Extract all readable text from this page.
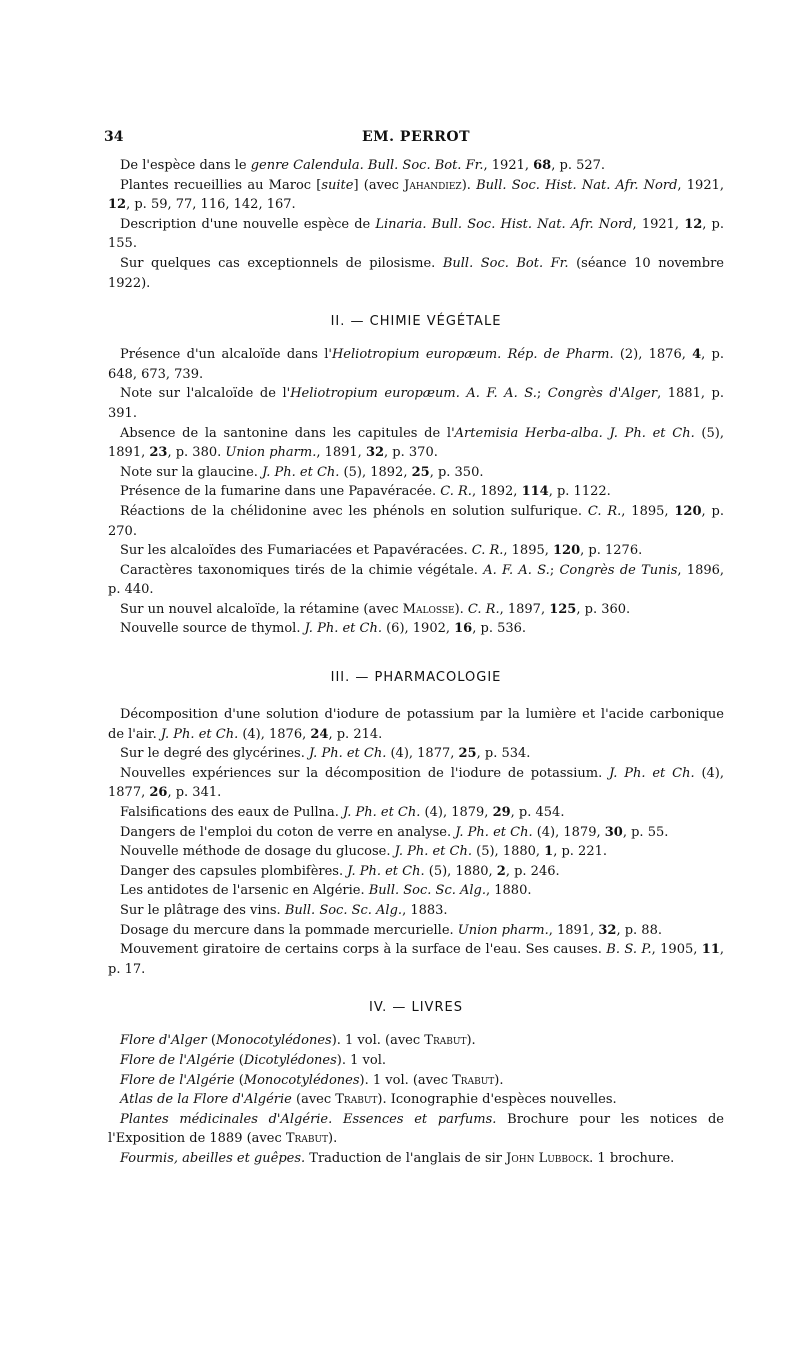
34	EM. PERROT

De l'espèce dans le genre Calendula. Bull. Soc. Bot. Fr., 1921, 68, p. 527.

Plantes recueillies au Maroc [suite] (avec Jahandiez). Bull. Soc. Hist. Nat. Afr. Nord, 1921, 12, p. 59, 77, 116, 142, 167.

Description d'une nouvelle espèce de Linaria. Bull. Soc. Hist. Nat. Afr. Nord, 1921, 12, p. 155.

Sur quelques cas exceptionnels de pilosisme. Bull. Soc. Bot. Fr. (séance 10 novembre 1922).

II. — CHIMIE VÉGÉTALE

Présence d'un alcaloïde dans l'Heliotropium europæum. Rép. de Pharm. (2), 1876, 4, p. 648, 673, 739.

Note sur l'alcaloïde de l'Heliotropium europæum. A. F. A. S.; Congrès d'Alger, 1881, p. 391.

Absence de la santonine dans les capitules de l'Artemisia Herba-alba. J. Ph. et Ch. (5), 1891, 23, p. 380. Union pharm., 1891, 32, p. 370.

Note sur la glaucine. J. Ph. et Ch. (5), 1892, 25, p. 350.

Présence de la fumarine dans une Papavéracée. C. R., 1892, 114, p. 1122.

Réactions de la chélidonine avec les phénols en solution sulfurique. C. R., 1895, 120, p. 270.

Sur les alcaloïdes des Fumariacées et Papavéracées. C. R., 1895, 120, p. 1276.

Caractères taxonomiques tirés de la chimie végétale. A. F. A. S.; Congrès de Tunis, 1896, p. 440.

Sur un nouvel alcaloïde, la rétamine (avec Malosse). C. R., 1897, 125, p. 360.

Nouvelle source de thymol. J. Ph. et Ch. (6), 1902, 16, p. 536.

III. — PHARMACOLOGIE

Décomposition d'une solution d'iodure de potassium par la lumière et l'acide carbonique de l'air. J. Ph. et Ch. (4), 1876, 24, p. 214.

Sur le degré des glycérines. J. Ph. et Ch. (4), 1877, 25, p. 534.

Nouvelles expériences sur la décomposition de l'iodure de potassium. J. Ph. et Ch. (4), 1877, 26, p. 341.

Falsifications des eaux de Pullna. J. Ph. et Ch. (4), 1879, 29, p. 454.

Dangers de l'emploi du coton de verre en analyse. J. Ph. et Ch. (4), 1879, 30, p. 55.

Nouvelle méthode de dosage du glucose. J. Ph. et Ch. (5), 1880, 1, p. 221.

Danger des capsules plombifères. J. Ph. et Ch. (5), 1880, 2, p. 246.

Les antidotes de l'arsenic en Algérie. Bull. Soc. Sc. Alg., 1880.

Sur le plâtrage des vins. Bull. Soc. Sc. Alg., 1883.

Dosage du mercure dans la pommade mercurielle. Union pharm., 1891, 32, p. 88.

Mouvement giratoire de certains corps à la surface de l'eau. Ses causes. B. S. P., 1905, 11, p. 17.

IV. — LIVRES

Flore d'Alger (Monocotylédones). 1 vol. (avec Trabut).

Flore de l'Algérie (Dicotylédones). 1 vol.

Flore de l'Algérie (Monocotylédones). 1 vol. (avec Trabut).

Atlas de la Flore d'Algérie (avec Trabut). Iconographie d'espèces nouvelles.

Plantes médicinales d'Algérie. Essences et parfums. Brochure pour les notices de l'Exposition de 1889 (avec Trabut).

Fourmis, abeilles et guêpes. Traduction de l'anglais de sir John Lubbock. 1 brochure.
